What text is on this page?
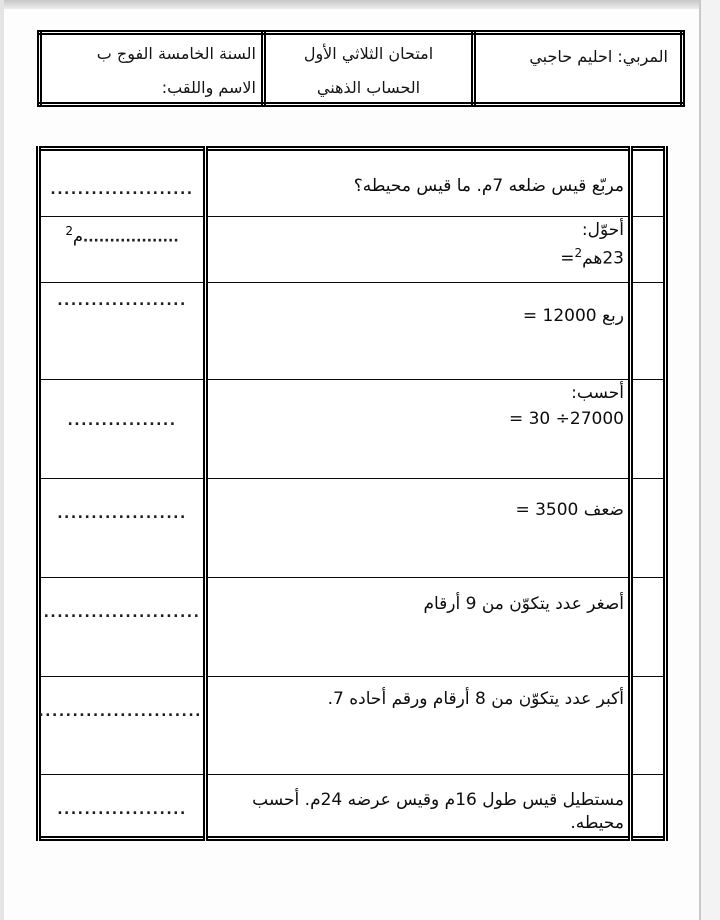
المربي: احليم حاجبي

امتحان الثلاثي الأول
الحساب الذهني

السنة الخامسة الفوج ب
الاسم واللقب:

	مربّع قيس ضلعه 7م. ما قيس محيطه؟	.....................

	أحوّل:
23هم$^2$=	..................م$^2$

	ربع 12000 =	...................

	أحسب:
27000÷ 30 =	................

	ضعف 3500 =	...................

	أصغر عدد يتكوّن من 9 أرقام	.......................

	أكبر عدد يتكوّن من 8 أرقام ورقم أحاده 7.	........................

	مستطيل قيس طول 16م وقيس عرضه 24م. أحسب محيطه.	...................
